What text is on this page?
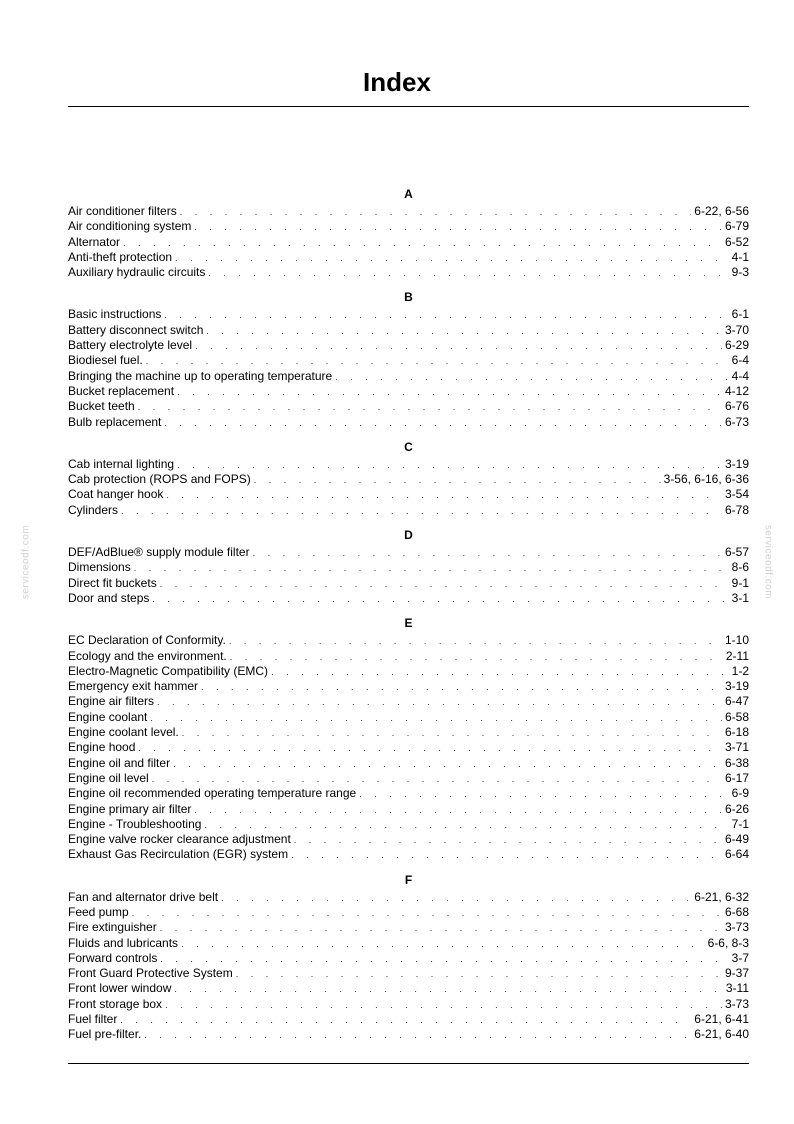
Index
serviceodf.com	serviceodf.com
A
Air conditioner filters . . .	6-22, 6-56
Air conditioning system . . .	6-79
Alternator . . .	6-52
Anti-theft protection . . .	4-1
Auxiliary hydraulic circuits . . .	9-3
B
Basic instructions . . .	6-1
Battery disconnect switch . . .	3-70
Battery electrolyte level . . .	6-29
Biodiesel fuel. . . .	6-4
Bringing the machine up to operating temperature . . .	4-4
Bucket replacement . . .	4-12
Bucket teeth . . .	6-76
Bulb replacement . . .	6-73
C
Cab internal lighting . . .	3-19
Cab protection (ROPS and FOPS) . . .	3-56, 6-16, 6-36
Coat hanger hook . . .	3-54
Cylinders . . .	6-78
D
DEF/AdBlue® supply module filter . . .	6-57
Dimensions . . .	8-6
Direct fit buckets . . .	9-1
Door and steps . . .	3-1
E
EC Declaration of Conformity. . . .	1-10
Ecology and the environment. . . .	2-11
Electro-Magnetic Compatibility (EMC) . . .	1-2
Emergency exit hammer . . .	3-19
Engine air filters . . .	6-47
Engine coolant . . .	6-58
Engine coolant level. . . .	6-18
Engine hood . . .	3-71
Engine oil and filter . . .	6-38
Engine oil level . . .	6-17
Engine oil recommended operating temperature range . . .	6-9
Engine primary air filter . . .	6-26
Engine - Troubleshooting . . .	7-1
Engine valve rocker clearance adjustment . . .	6-49
Exhaust Gas Recirculation (EGR) system . . .	6-64
F
Fan and alternator drive belt . . .	6-21, 6-32
Feed pump . . .	6-68
Fire extinguisher . . .	3-73
Fluids and lubricants . . .	6-6, 8-3
Forward controls . . .	3-7
Front Guard Protective System . . .	9-37
Front lower window . . .	3-11
Front storage box . . .	3-73
Fuel filter . . .	6-21, 6-41
Fuel pre-filter. . . .	6-21, 6-40
